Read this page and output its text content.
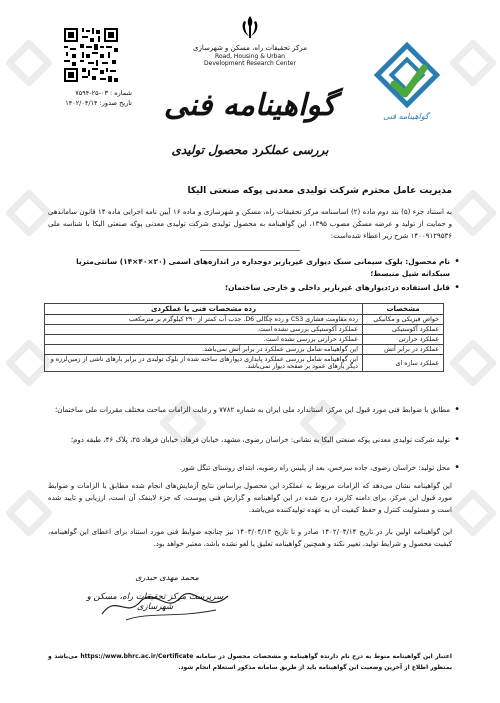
شماره : ۰۳-۲۵-۷۵۹۴
تاریخ صدور: ۱۴۰۲/۰۴/۱۴
مرکز تحقیقات راه، مسکن و شهرسازی
Road, Housing & Urban Development Research Center
گواهینامه فنی
بررسی عملکرد محصول تولیدی
گواهینامه فنی
مدیریت عامل محترم شرکت تولیدی معدنی پوکه صنعتی الیکا
به استناد جزء (۵) بند دوم ماده (۲) اساسنامه مرکز تحقیقات راه، مسکن و شهرسازی و ماده ۱۶ آیین نامه اجرایی ماده ۱۴ قانون ساماندهی و حمایت از تولید و عرضه مسکن مصوب ۱۳۹۵، این گواهینامه به محصول تولیدی شرکت تولیدی معدنی پوکه صنعتی الیکا با شناسه ملی ۱۴۰۰۹۱۲۹۵۳۶ شرح زیر اعطاء شده‌است:
• نام محصول: بلوک سیمانی سبک دیواری غیرباربر دوجداره در اندازه‌های اسمی (۲۰×۴۰×۱۴) سانتی‌متربا سبکدانه شیل منبسط؛
• قابل استفاده در:دیوارهای غیرباربر داخلی و خارجی ساختمان؛
مشخصات	رده مشخصات فنی یا عملکردی
خواص فیزیکی و مکانیکی	رده مقاومت فشاری CS3 و رده چگالی D6. جذب آب کمتر از ۲۹۰ کیلوگرم بر مترمکعب
عملکرد آکوستیکی	عملکرد آکوستیکی بررسی نشده است.
عملکرد حرارتی	عملکرد حرارتی بررسی نشده است.
عملکرد در برابر آتش	این گواهینامه شامل بررسی عملکرد در برابر آتش نمی‌باشد.
عملکرد سازه ای	این گواهینامه شامل بررسی عملکرد پایداری دیوارهای ساخته شده از بلوک تولیدی در برابر بارهای ناشی از زمین‌لرزه و دیگر بارهای عمود بر صفحه دیوار نمی‌باشد.
• مطابق با ضوابط فنی مورد قبول این مرکز، استاندارد ملی ایران به شماره ۷۷۸۲ و رعایت الزامات مباحث مختلف مقررات ملی ساختمان؛
• تولید شرکت تولیدی معدنی پوکه صنعتی الیکا به نشانی: خراسان رضوی، مشهد، خیابان فرهاد، خیابان فرهاد ۲۵، پلاک ۴۶، طبقه دوم؛
• محل تولید: خراسان رضوی، جاده سرخس، بعد از پلیس راه رضویه، ابتدای روستای تنگل شور.
این گواهینامه نشان می‌دهد که الزامات مربوط به عملکرد این محصول براساس نتایج آزمایش‌های انجام شده مطابق با الزامات و ضوابط مورد قبول این مرکز، برای دامنه کاربرد درج شده در این گواهینامه و گزارش فنی پیوست، که جزء لاینفک آن است، ارزیابی و تایید شده است و مسئولیت کنترل و حفظ کیفیت آن به عهده تولیدکننده می‌باشد.
این گواهینامه اولین بار در تاریخ ۱۴۰۲/۰۴/۱۴ صادر و تا تاریخ ۱۴۰۳/۰۴/۱۳ نیز چنانچه ضوابط فنی مورد استناد برای اعطای این گواهینامه، کیفیت محصول و شرایط تولید، تغییر نکند و همچنین گواهینامه تعلیق یا لغو نشده باشد، معتبر خواهد بود.
محمد مهدی حیدری
سرپرست مرکز تحقیقات راه، مسکن و شهرسازی
اعتبار این گواهینامه منوط به درج نام دارنده گواهینامه و مشخصات محصول در سامانه https://www.bhrc.ac.ir/Certificate می‌باشد و بمنظور اطلاع از آخرین وضعیت این گواهینامه باید از طریق سامانه مذکور استعلام انجام شود.
